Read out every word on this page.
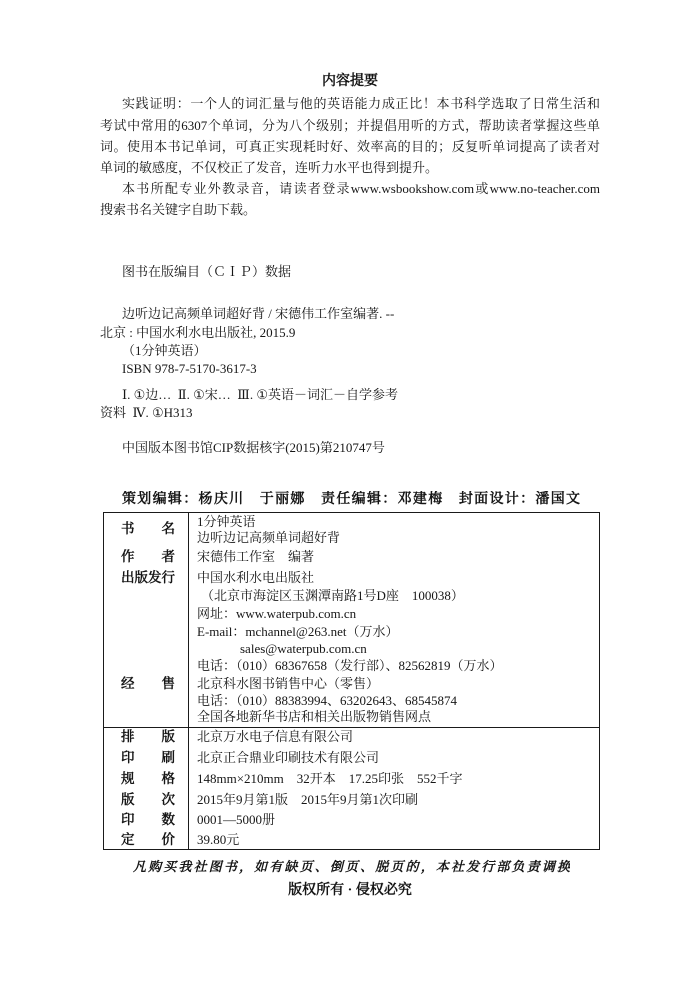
内容提要
实践证明：一个人的词汇量与他的英语能力成正比！本书科学选取了日常生活和
考试中常用的6307个单词，分为八个级别；并提倡用听的方式，帮助读者掌握这些单
词。使用本书记单词，可真正实现耗时好、效率高的目的；反复听单词提高了读者对
单词的敏感度，不仅校正了发音，连听力水平也得到提升。
本书所配专业外教录音，请读者登录www.wsbookshow.com或www.no-teacher.com
搜索书名关键字自助下载。
图书在版编目（ＣＩＰ）数据
边听边记高频单词超好背 / 宋德伟工作室编著. --
北京 : 中国水利水电出版社, 2015.9
（1分钟英语）
ISBN 978-7-5170-3617-3
Ⅰ. ①边…  Ⅱ. ①宋…  Ⅲ. ①英语－词汇－自学参考
资料  Ⅳ. ①H313
中国版本图书馆CIP数据核字(2015)第210747号
策划编辑：杨庆川　于丽娜　责任编辑：邓建梅　封面设计：潘国文
书　　名 1分钟英语
边听边记高频单词超好背
作　　者 宋德伟工作室　编著
出版发行 中国水利水电出版社
（北京市海淀区玉渊潭南路1号D座　100038）
网址：www.waterpub.com.cn
E-mail：mchannel@263.net（万水）
sales@waterpub.com.cn
电话：（010）68367658（发行部）、82562819（万水）
经　　售 北京科水图书销售中心（零售）
电话：（010）88383994、63202643、68545874
全国各地新华书店和相关出版物销售网点
排　　版 北京万水电子信息有限公司
印　　刷 北京正合鼎业印刷技术有限公司
规　　格 148mm×210mm　32开本　17.25印张　552千字
版　　次 2015年9月第1版　2015年9月第1次印刷
印　　数 0001—5000册
定　　价 39.80元
凡购买我社图书，如有缺页、倒页、脱页的，本社发行部负责调换
版权所有 · 侵权必究
